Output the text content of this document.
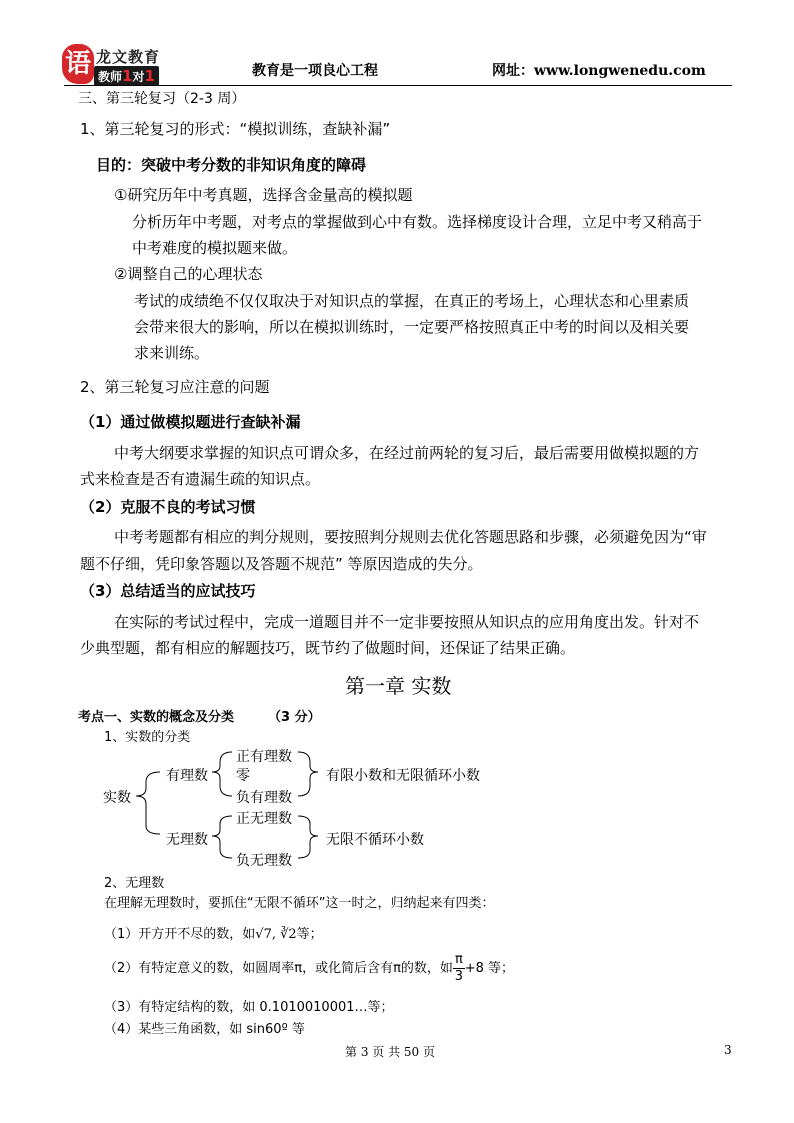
语 龙文教育
教师1对1	教育是一项良心工程	网址：www.longwenedu.com
三、第三轮复习（2-3 周）
1、第三轮复习的形式：“模拟训练，查缺补漏”
目的：突破中考分数的非知识角度的障碍
①研究历年中考真题，选择含金量高的模拟题
分析历年中考题，对考点的掌握做到心中有数。选择梯度设计合理，立足中考又稍高于
中考难度的模拟题来做。
②调整自己的心理状态
考试的成绩绝不仅仅取决于对知识点的掌握，在真正的考场上，心理状态和心里素质
会带来很大的影响，所以在模拟训练时，一定要严格按照真正中考的时间以及相关要
求来训练。
2、第三轮复习应注意的问题
（1）通过做模拟题进行查缺补漏
中考大纲要求掌握的知识点可谓众多，在经过前两轮的复习后，最后需要用做模拟题的方
式来检查是否有遗漏生疏的知识点。
（2）克服不良的考试习惯
中考考题都有相应的判分规则，要按照判分规则去优化答题思路和步骤，必须避免因为“审
题不仔细，凭印象答题以及答题不规范” 等原因造成的失分。
（3）总结适当的应试技巧
在实际的考试过程中，完成一道题目并不一定非要按照从知识点的应用角度出发。针对不
少典型题，都有相应的解题技巧，既节约了做题时间，还保证了结果正确。
第一章 实数
考点一、实数的概念及分类	（3 分）
1、实数的分类
实数
有理数
正有理数
零
负有理数
有限小数和无限循环小数
无理数
正无理数
负无理数
无限不循环小数
2、无理数
在理解无理数时，要抓住“无限不循环”这一时之，归纳起来有四类：
（1）开方开不尽的数，如√7, ∛2等；
（2）有特定意义的数，如圆周率π，或化简后含有π的数，如 $\frac{\pi}{3} +8$ 等；
（3）有特定结构的数，如 0.1010010001…等；
（4）某些三角函数，如 sin60º 等
第 3 页 共 50 页	3
